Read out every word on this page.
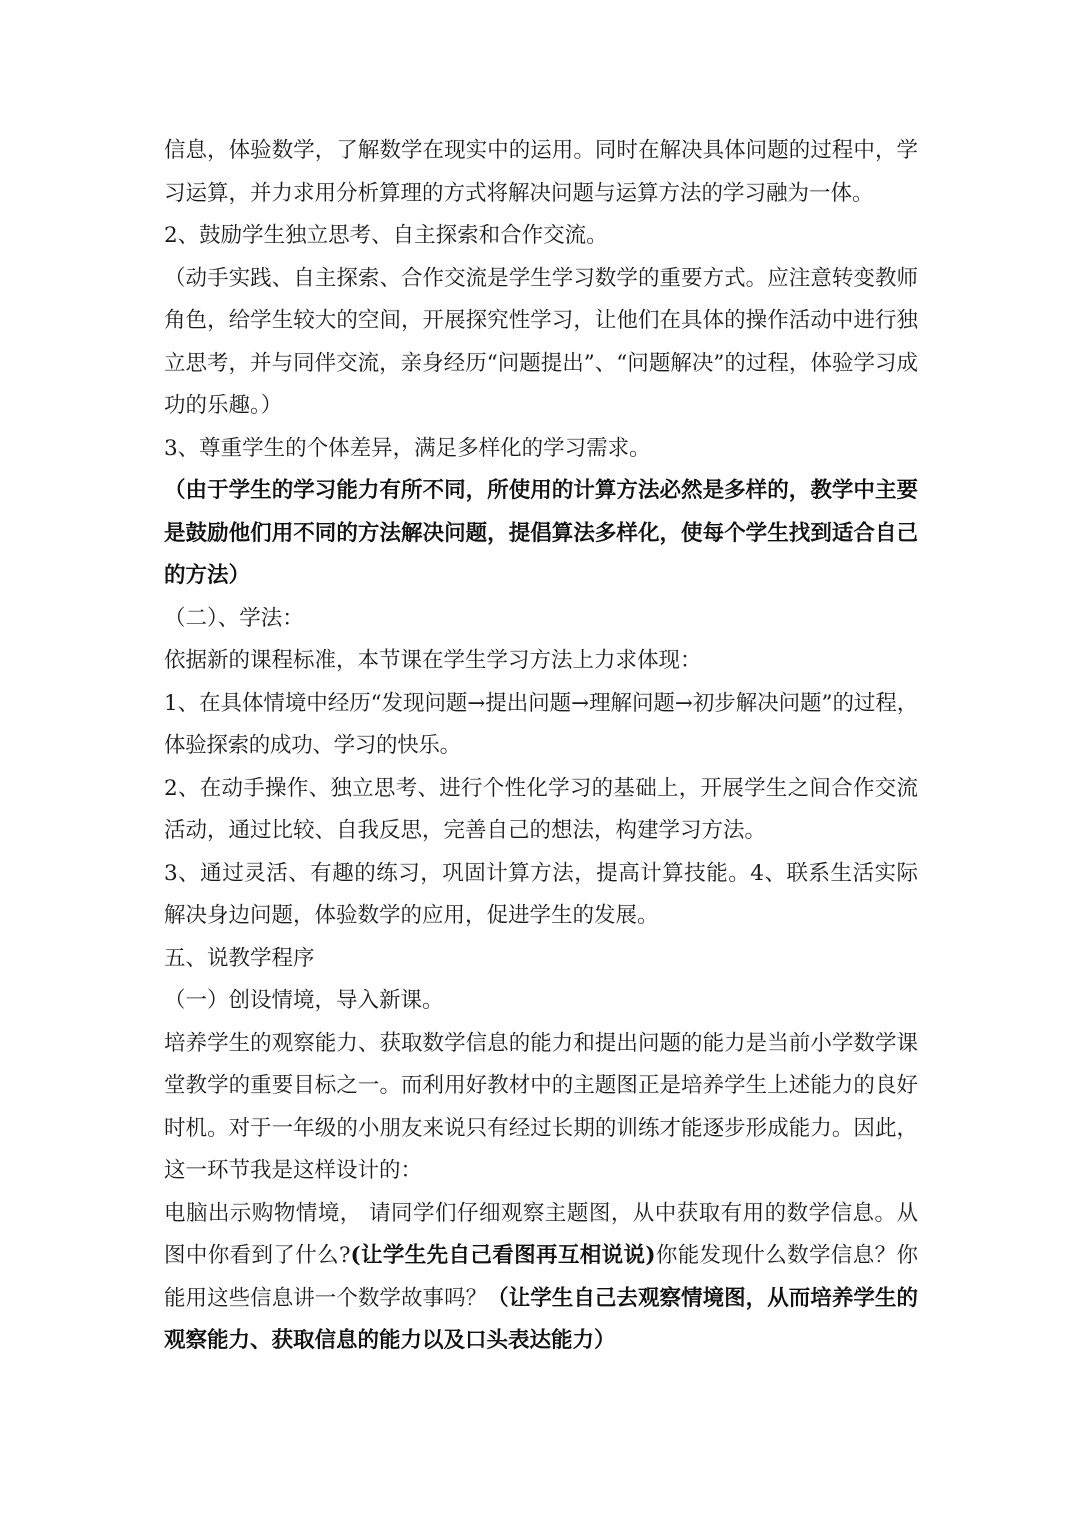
信息，体验数学，了解数学在现实中的运用。同时在解决具体问题的过程中，学习运算，并力求用分析算理的方式将解决问题与运算方法的学习融为一体。

2、鼓励学生独立思考、自主探索和合作交流。

（动手实践、自主探索、合作交流是学生学习数学的重要方式。应注意转变教师角色，给学生较大的空间，开展探究性学习，让他们在具体的操作活动中进行独立思考，并与同伴交流，亲身经历“问题提出”、“问题解决”的过程，体验学习成功的乐趣。）

3、尊重学生的个体差异，满足多样化的学习需求。

（由于学生的学习能力有所不同，所使用的计算方法必然是多样的，教学中主要是鼓励他们用不同的方法解决问题，提倡算法多样化，使每个学生找到适合自己的方法）

（二）、学法：

依据新的课程标准，本节课在学生学习方法上力求体现：

1、在具体情境中经历“发现问题→提出问题→理解问题→初步解决问题”的过程，体验探索的成功、学习的快乐。

2、在动手操作、独立思考、进行个性化学习的基础上，开展学生之间合作交流活动，通过比较、自我反思，完善自己的想法，构建学习方法。

3、通过灵活、有趣的练习，巩固计算方法，提高计算技能。4、联系生活实际解决身边问题，体验数学的应用，促进学生的发展。

五、说教学程序

（一）创设情境，导入新课。

培养学生的观察能力、获取数学信息的能力和提出问题的能力是当前小学数学课堂教学的重要目标之一。而利用好教材中的主题图正是培养学生上述能力的良好时机。对于一年级的小朋友来说只有经过长期的训练才能逐步形成能力。因此，这一环节我是这样设计的：

电脑出示购物情境， 请同学们仔细观察主题图，从中获取有用的数学信息。从图中你看到了什么?(让学生先自己看图再互相说说)你能发现什么数学信息？你能用这些信息讲一个数学故事吗？（让学生自己去观察情境图，从而培养学生的观察能力、获取信息的能力以及口头表达能力）
